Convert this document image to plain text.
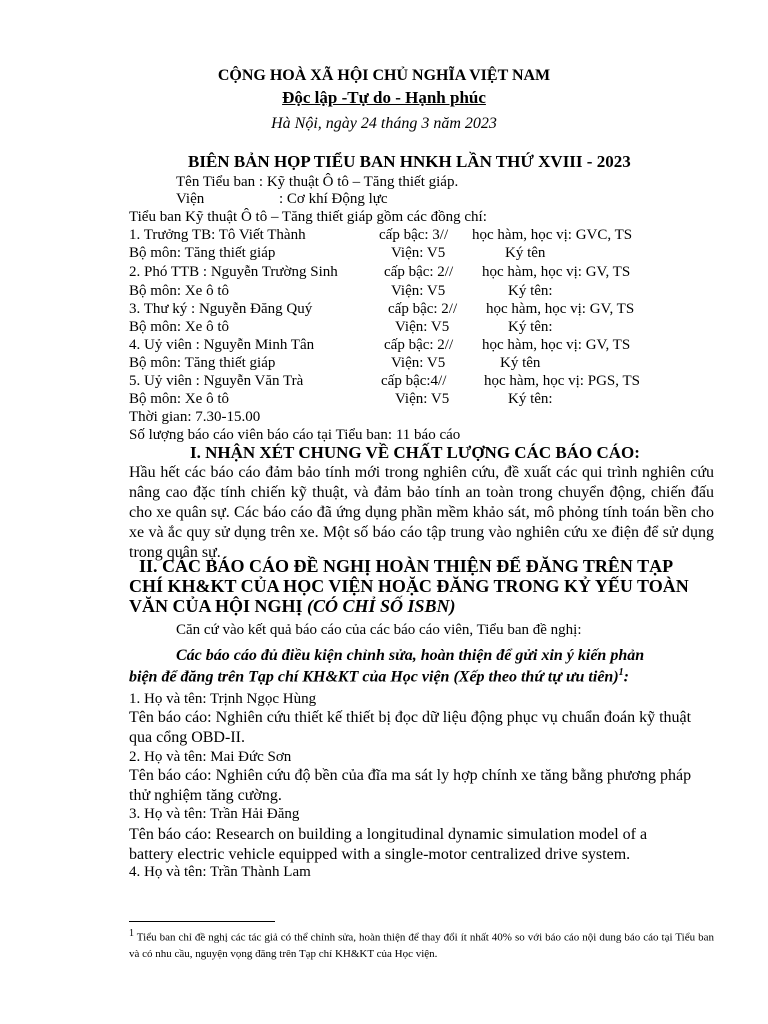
CỘNG HOÀ XÃ HỘI CHỦ NGHĨA VIỆT NAM
Độc lập -Tự do - Hạnh phúc
Hà Nội, ngày 24 tháng 3 năm 2023
BIÊN BẢN HỌP TIỂU BAN HNKH LẦN THỨ XVIII - 2023
Tên Tiểu ban : Kỹ thuật Ô tô – Tăng thiết giáp.
Viện	: Cơ khí Động lực
Tiểu ban Kỹ thuật Ô tô – Tăng thiết giáp gồm các đồng chí:
1. Trưởng TB: Tô Viết Thành	cấp bậc: 3// học hàm, học vị: GVC, TS
Bộ môn: Tăng thiết giáp	Viện: V5	Ký tên
2. Phó TTB : Nguyễn Trường Sinh	cấp bậc: 2// học hàm, học vị: GV, TS
Bộ môn: Xe ô tô	Viện: V5	Ký tên:
3. Thư ký : Nguyễn Đăng Quý	cấp bậc: 2// học hàm, học vị: GV, TS
Bộ môn: Xe ô tô	Viện: V5	Ký tên:
4. Uỷ viên : Nguyễn Minh Tân	cấp bậc: 2// học hàm, học vị: GV, TS
Bộ môn: Tăng thiết giáp	Viện: V5	Ký tên
5. Uỷ viên : Nguyễn Văn Trà	cấp bậc:4//	học hàm, học vị: PGS, TS
Bộ môn: Xe ô tô	Viện: V5	Ký tên:
Thời gian: 7.30-15.00
Số lượng báo cáo viên báo cáo tại Tiểu ban: 11 báo cáo
I. NHẬN XÉT CHUNG VỀ CHẤT LƯỢNG CÁC BÁO CÁO:
Hầu hết các báo cáo đảm bảo tính mới trong nghiên cứu, đề xuất các qui trình nghiên cứu nâng cao đặc tính chiến kỹ thuật, và đảm bảo tính an toàn trong chuyển động, chiến đấu cho xe quân sự. Các báo cáo đã ứng dụng phần mềm khảo sát, mô phỏng tính toán bền cho xe và ắc quy sử dụng trên xe. Một số báo cáo tập trung vào nghiên cứu xe điện để sử dụng trong quân sự.
II. CÁC BÁO CÁO ĐỀ NGHỊ HOÀN THIỆN ĐỂ ĐĂNG TRÊN TẠP
CHÍ KH&KT CỦA HỌC VIỆN HOẶC ĐĂNG TRONG KỶ YẾU TOÀN
VĂN CỦA HỘI NGHỊ (CÓ CHỈ SỐ ISBN)
Căn cứ vào kết quả báo cáo của các báo cáo viên, Tiểu ban đề nghị:
Các báo cáo đủ điều kiện chỉnh sửa, hoàn thiện để gửi xin ý kiến phản
biện để đăng trên Tạp chí KH&KT của Học viện (Xếp theo thứ tự ưu tiên)$^1$:
1. Họ và tên: Trịnh Ngọc Hùng
Tên báo cáo: Nghiên cứu thiết kế thiết bị đọc dữ liệu động phục vụ chuẩn đoán kỹ thuật
qua cổng OBD-II.
2. Họ và tên: Mai Đức Sơn
Tên báo cáo: Nghiên cứu độ bền của đĩa ma sát ly hợp chính xe tăng bằng phương pháp
thử nghiệm tăng cường.
3. Họ và tên: Trần Hải Đăng
Tên báo cáo: Research on building a longitudinal dynamic simulation model of a
battery electric vehicle equipped with a single-motor centralized drive system.
4. Họ và tên: Trần Thành Lam
$^1$ Tiểu ban chỉ đề nghị các tác giả có thể chỉnh sửa, hoàn thiện để thay đổi ít nhất 40% so với báo cáo nội dung báo cáo tại Tiểu ban và có nhu cầu, nguyện vọng đăng trên Tạp chí KH&KT của Học viện.
